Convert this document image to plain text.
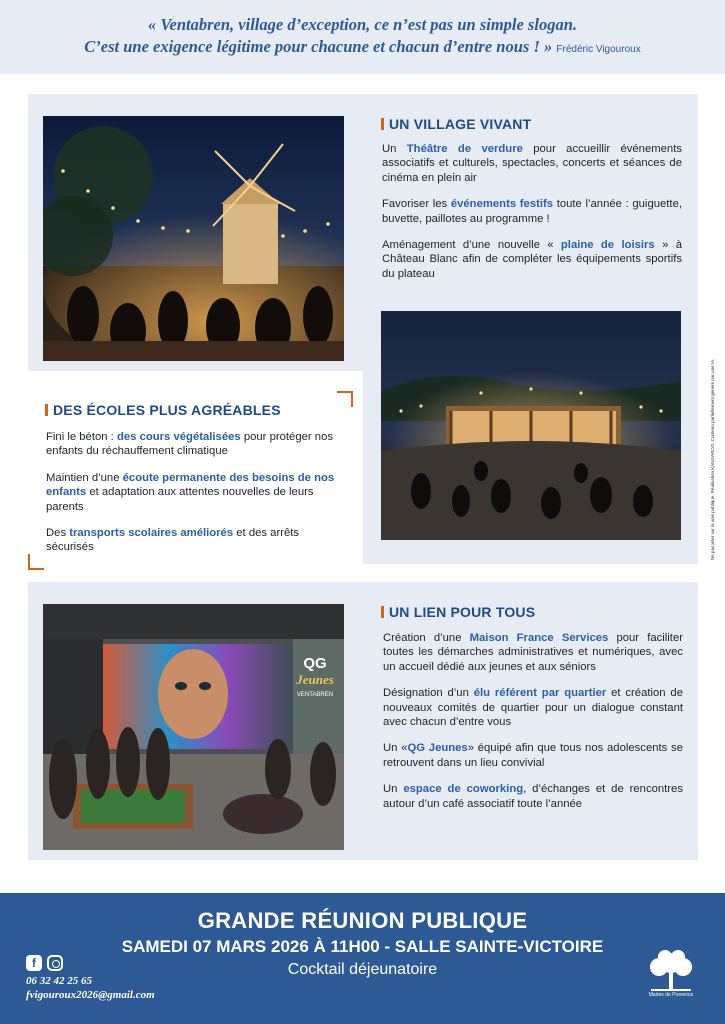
« Ventabren, village d’exception, ce n’est pas un simple slogan.
C’est une exigence légitime pour chacune et chacun d’entre nous ! » Frédéric Vigouroux
UN VILLAGE VIVANT

Un Théâtre de verdure pour accueillir événements associatifs et culturels, spectacles, concerts et séances de cinéma en plein air

Favoriser les événements festifs toute l’année : guiguette, buvette, paillotes au programme !

Aménagement d’une nouvelle « plaine de loisirs » à Château Blanc afin de compléter les équipements sportifs du plateau

DES ÉCOLES PLUS AGRÉABLES

Fini le béton : des cours végétalisées pour protéger nos enfants du réchauffement climatique

Maintien d’une écoute permanente des besoins de nos enfants et adaptation aux attentes nouvelles de leurs parents

Des transports scolaires améliorés et des arrêts sécurisés

QG
Jeunes
VENTABREN
UN LIEN POUR TOUS

Création d’une Maison France Services pour faciliter toutes les démarches administratives et numériques, avec un accueil dédié aux jeunes et aux séniors

Désignation d’un élu référent par quartier et création de nouveaux comités de quartier pour un dialogue constant avec chacun d’entre vous

Un «QG Jeunes» équipé afin que tous nos adolescents se retrouvent dans un lieu convivial

Un espace de coworking, d’échanges et de rencontres autour d’un café associatif toute l’année

Ne pas jeter sur la voie publique. Réalisation KANGAROO. Contenu partiellement généré par une IA.
GRANDE RÉUNION PUBLIQUE
SAMEDI 07 MARS 2026 À 11H00 - SALLE SAINTE-VICTOIRE
Cocktail déjeunatoire
f
06 32 42 25 65
fvigouroux2026@gmail.com	Maires de Provence
